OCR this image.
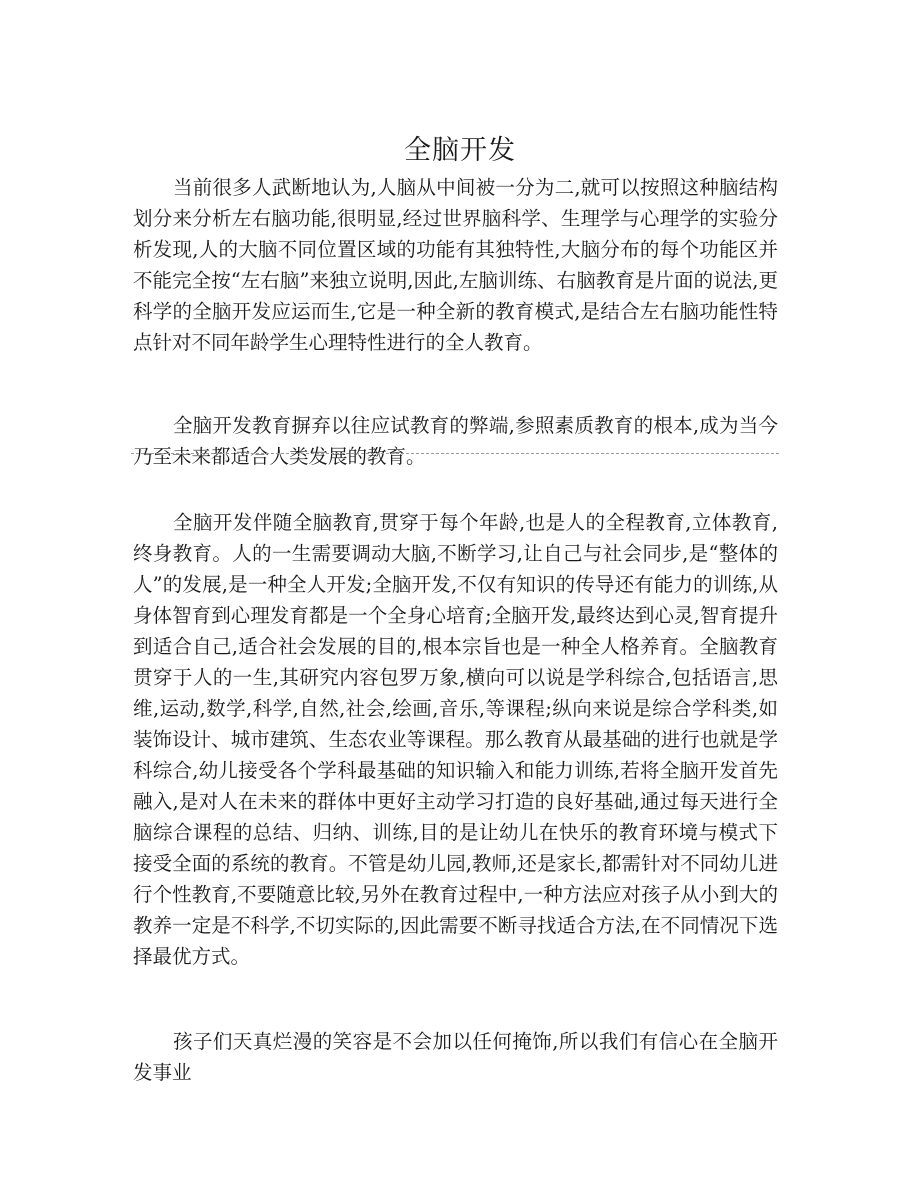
全脑开发

当前很多人武断地认为,人脑从中间被一分为二,就可以按照这种脑结构划分来分析左右脑功能,很明显,经过世界脑科学、生理学与心理学的实验分析发现,人的大脑不同位置区域的功能有其独特性,大脑分布的每个功能区并不能完全按“左右脑”来独立说明,因此,左脑训练、右脑教育是片面的说法,更科学的全脑开发应运而生,它是一种全新的教育模式,是结合左右脑功能性特点针对不同年龄学生心理特性进行的全人教育。

全脑开发教育摒弃以往应试教育的弊端,参照素质教育的根本,成为当今乃至未来都适合人类发展的教育。

全脑开发伴随全脑教育,贯穿于每个年龄,也是人的全程教育,立体教育,终身教育。人的一生需要调动大脑,不断学习,让自己与社会同步,是“整体的人”的发展,是一种全人开发;全脑开发,不仅有知识的传导还有能力的训练,从身体智育到心理发育都是一个全身心培育;全脑开发,最终达到心灵,智育提升到适合自己,适合社会发展的目的,根本宗旨也是一种全人格养育。全脑教育贯穿于人的一生,其研究内容包罗万象,横向可以说是学科综合,包括语言,思维,运动,数学,科学,自然,社会,绘画,音乐,等课程;纵向来说是综合学科类,如装饰设计、城市建筑、生态农业等课程。那么教育从最基础的进行也就是学科综合,幼儿接受各个学科最基础的知识输入和能力训练,若将全脑开发首先融入,是对人在未来的群体中更好主动学习打造的良好基础,通过每天进行全脑综合课程的总结、归纳、训练,目的是让幼儿在快乐的教育环境与模式下接受全面的系统的教育。不管是幼儿园,教师,还是家长,都需针对不同幼儿进行个性教育,不要随意比较,另外在教育过程中,一种方法应对孩子从小到大的教养一定是不科学,不切实际的,因此需要不断寻找适合方法,在不同情况下选择最优方式。

孩子们天真烂漫的笑容是不会加以任何掩饰,所以我们有信心在全脑开发事业
